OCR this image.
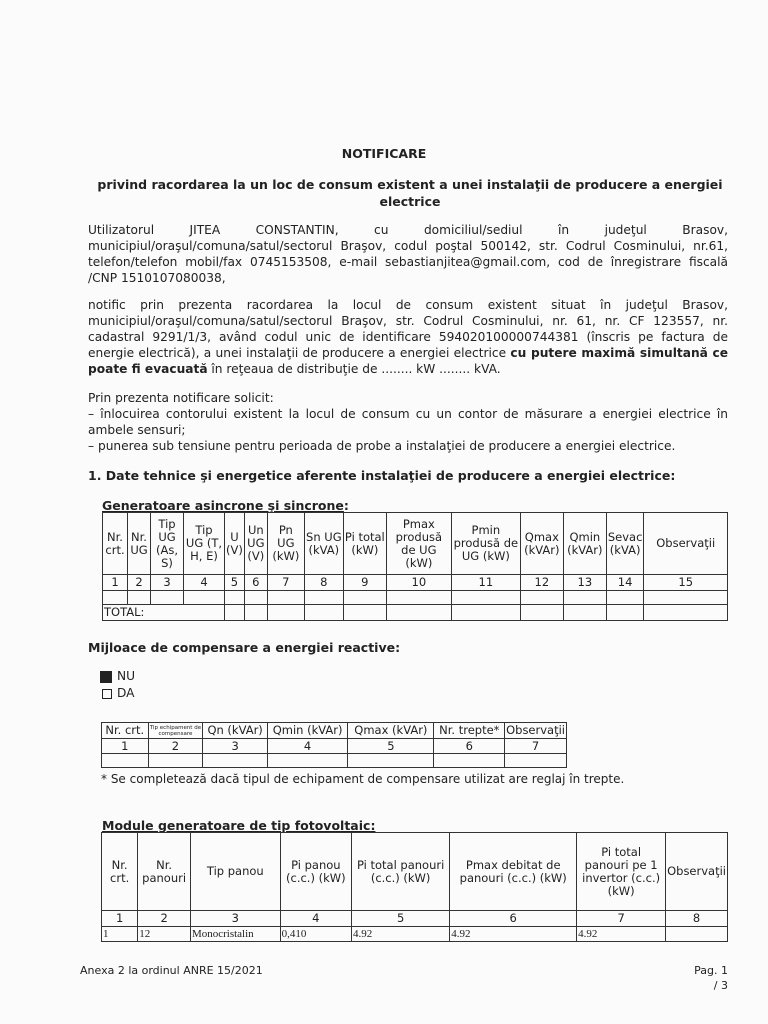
NOTIFICARE
privind racordarea la un loc de consum existent a unei instalaţii de producere a energiei electrice
Utilizatorul JITEA CONSTANTIN, cu domiciliul/sediul în judeţul Brasov, municipiul/oraşul/comuna/satul/sectorul Braşov, codul poştal 500142, str. Codrul Cosminului, nr.61, telefon/telefon mobil/fax 0745153508, e-mail sebastianjitea@gmail.com, cod de înregistrare fiscală /CNP 1510107080038,
notific prin prezenta racordarea la locul de consum existent situat în judeţul Brasov, municipiul/oraşul/comuna/satul/sectorul Braşov, str. Codrul Cosminului, nr. 61, nr. CF 123557, nr. cadastral 9291/1/3, având codul unic de identificare 594020100000744381 (înscris pe factura de energie electrică), a unei instalaţii de producere a energiei electrice cu putere maximă simultană ce poate fi evacuată în reţeaua de distribuţie de ........ kW ........ kVA.
Prin prezenta notificare solicit:
– înlocuirea contorului existent la locul de consum cu un contor de măsurare a energiei electrice în ambele sensuri;
– punerea sub tensiune pentru perioada de probe a instalaţiei de producere a energiei electrice.
1. Date tehnice şi energetice aferente instalaţiei de producere a energiei electrice:
Generatoare asincrone şi sincrone:
Nr. crt.	Nr. UG	Tip UG (As, S)	Tip UG (T, H, E)	U (V)	Un UG (V)	Pn UG (kW)	Sn UG (kVA)	Pi total (kW)	Pmax produsă de UG (kW)	Pmin produsă de UG (kW)	Qmax (kVAr)	Qmin (kVAr)	Sevac (kVA)	Observaţii
1	2	3	4	5	6	7	8	9	10	11	12	13	14	15

TOTAL:														
Mijloace de compensare a energiei reactive:
NU
DA
Nr. crt.	Tip echipament de compensare	Qn (kVAr)	Qmin (kVAr)	Qmax (kVAr)	Nr. trepte*	Observaţii
1	2	3	4	5	6	7

* Se completează dacă tipul de echipament de compensare utilizat are reglaj în trepte.
Module generatoare de tip fotovoltaic:
Nr. crt.	Nr. panouri	Tip panou	Pi panou (c.c.) (kW)	Pi total panouri (c.c.) (kW)	Pmax debitat de panouri (c.c.) (kW)	Pi total panouri pe 1 invertor (c.c.) (kW)	Observaţii
1	2	3	4	5	6	7	8
1	12	Monocristalin	0,410	4.92	4.92	4.92	
Anexa 2 la ordinul ANRE 15/2021	Pag. 1
/ 3
